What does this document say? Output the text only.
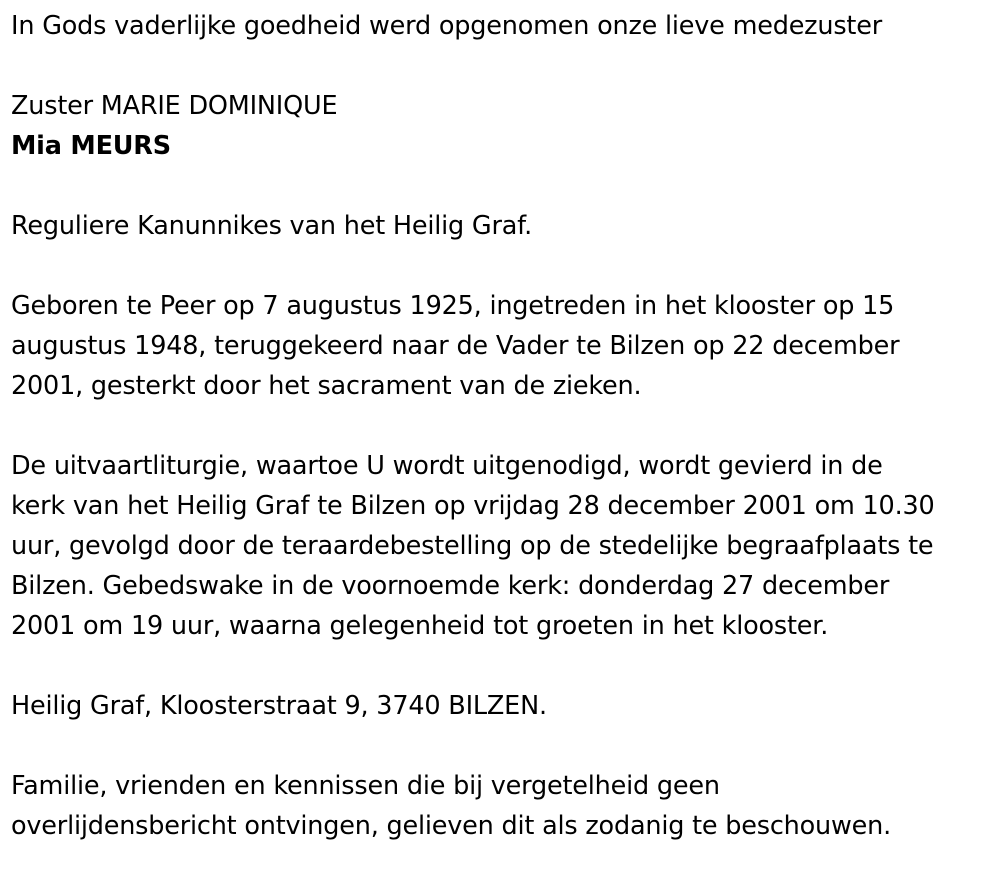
In Gods vaderlijke goedheid werd opgenomen onze lieve medezuster

Zuster MARIE DOMINIQUE

Mia MEURS

Reguliere Kanunnikes van het Heilig Graf.

Geboren te Peer op 7 augustus 1925, ingetreden in het klooster op 15

augustus 1948, teruggekeerd naar de Vader te Bilzen op 22 december

2001, gesterkt door het sacrament van de zieken.

De uitvaartliturgie, waartoe U wordt uitgenodigd, wordt gevierd in de

kerk van het Heilig Graf te Bilzen op vrijdag 28 december 2001 om 10.30

uur, gevolgd door de teraardebestelling op de stedelijke begraafplaats te

Bilzen. Gebedswake in de voornoemde kerk: donderdag 27 december

2001 om 19 uur, waarna gelegenheid tot groeten in het klooster.

Heilig Graf, Kloosterstraat 9, 3740 BILZEN.

Familie, vrienden en kennissen die bij vergetelheid geen

overlijdensbericht ontvingen, gelieven dit als zodanig te beschouwen.
